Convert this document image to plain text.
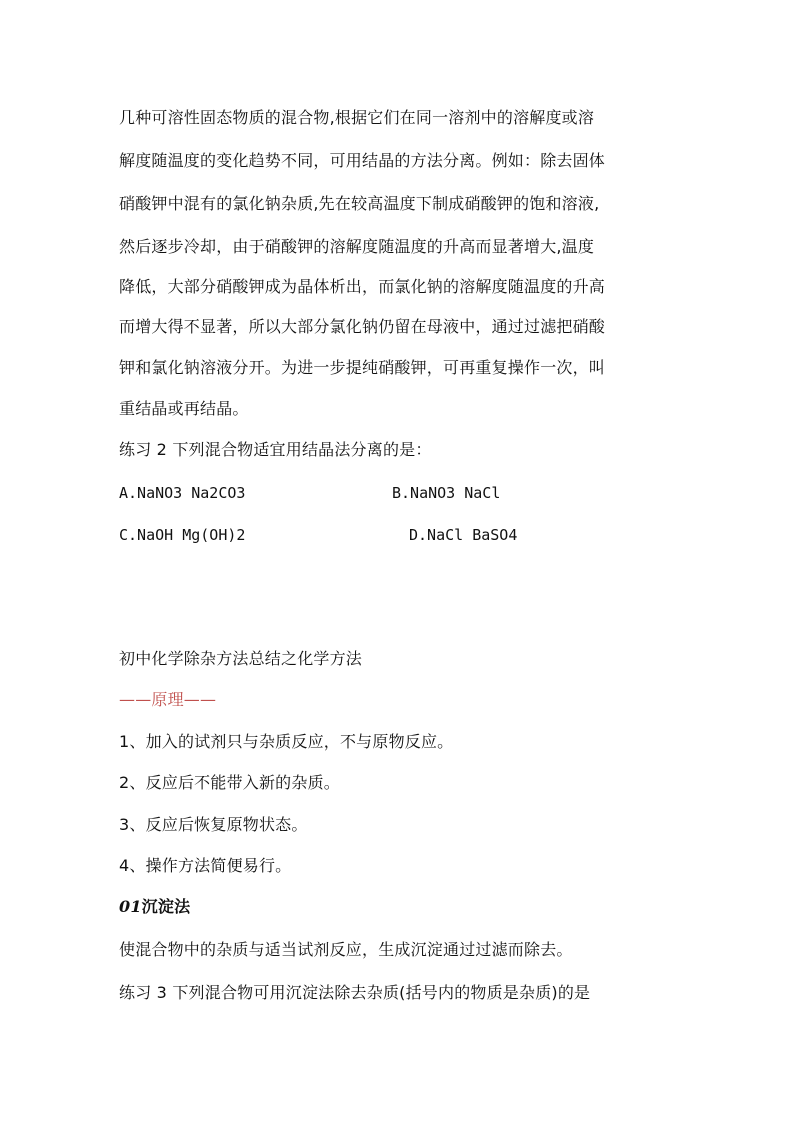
几种可溶性固态物质的混合物,根据它们在同一溶剂中的溶解度或溶
解度随温度的变化趋势不同，可用结晶的方法分离。例如：除去固体
硝酸钾中混有的氯化钠杂质,先在较高温度下制成硝酸钾的饱和溶液,
然后逐步冷却，由于硝酸钾的溶解度随温度的升高而显著增大,温度
降低，大部分硝酸钾成为晶体析出，而氯化钠的溶解度随温度的升高
而增大得不显著，所以大部分氯化钠仍留在母液中，通过过滤把硝酸
钾和氯化钠溶液分开。为进一步提纯硝酸钾，可再重复操作一次，叫
重结晶或再结晶。
练习 2 下列混合物适宜用结晶法分离的是：
A.NaNO3 Na2CO3	B.NaNO3 NaCl
C.NaOH Mg(OH)2	D.NaCl BaSO4
初中化学除杂方法总结之化学方法
——原理——
1、加入的试剂只与杂质反应，不与原物反应。
2、反应后不能带入新的杂质。
3、反应后恢复原物状态。
4、操作方法简便易行。
01沉淀法
使混合物中的杂质与适当试剂反应，生成沉淀通过过滤而除去。
练习 3 下列混合物可用沉淀法除去杂质(括号内的物质是杂质)的是
